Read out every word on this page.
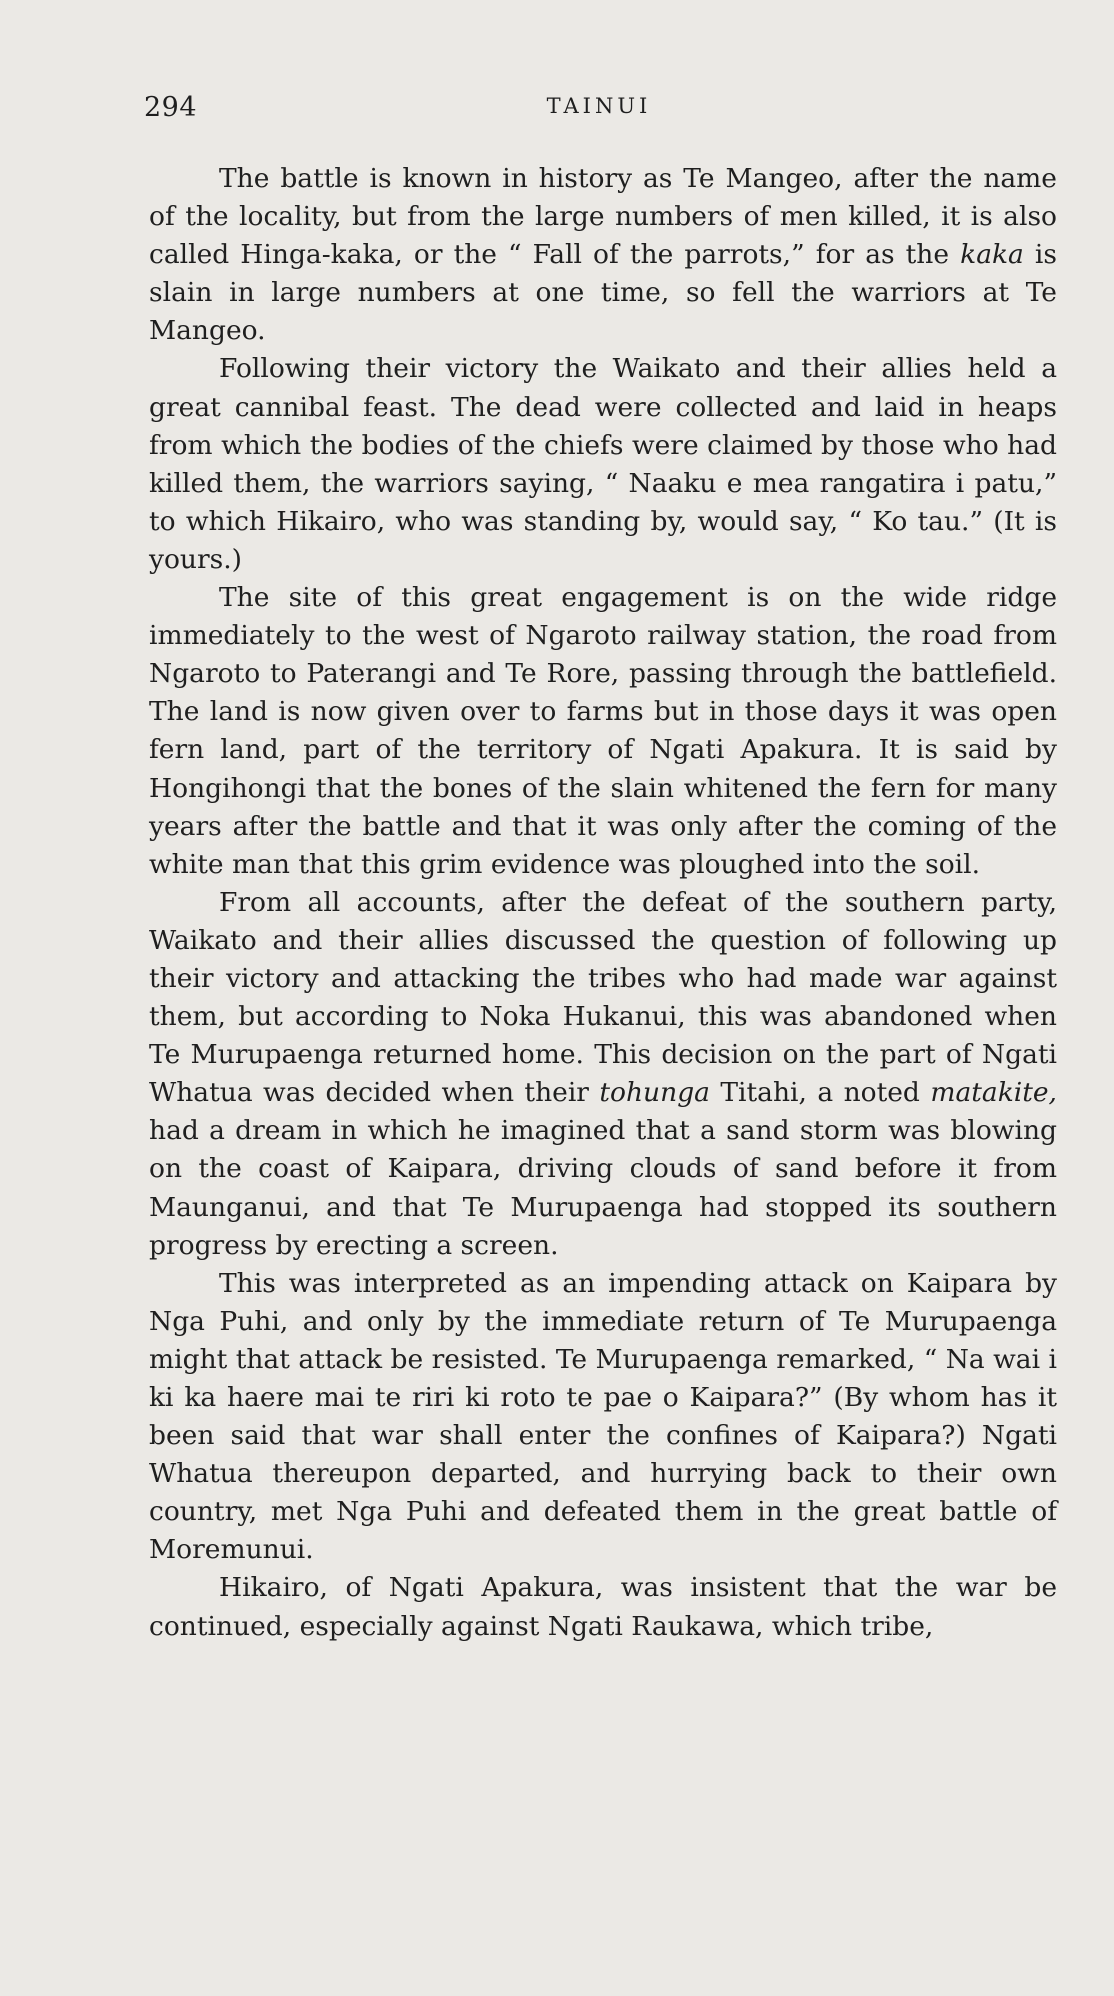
294	TAINUI

The battle is known in history as Te Mangeo, after the name of the locality, but from the large numbers of men killed, it is also called Hinga-kaka, or the “ Fall of the parrots,” for as the kaka is slain in large numbers at one time, so fell the warriors at Te Mangeo.

Following their victory the Waikato and their allies held a great cannibal feast. The dead were collected and laid in heaps from which the bodies of the chiefs were claimed by those who had killed them, the warriors saying, “ Naaku e mea rangatira i patu,” to which Hikairo, who was standing by, would say, “ Ko tau.” (It is yours.)

The site of this great engagement is on the wide ridge immediately to the west of Ngaroto railway station, the road from Ngaroto to Paterangi and Te Rore, passing through the battlefield. The land is now given over to farms but in those days it was open fern land, part of the territory of Ngati Apakura. It is said by Hongihongi that the bones of the slain whitened the fern for many years after the battle and that it was only after the coming of the white man that this grim evidence was ploughed into the soil.

From all accounts, after the defeat of the southern party, Waikato and their allies discussed the question of following up their victory and attacking the tribes who had made war against them, but according to Noka Hukanui, this was abandoned when Te Murupaenga returned home. This decision on the part of Ngati Whatua was decided when their tohunga Titahi, a noted matakite, had a dream in which he imagined that a sand storm was blowing on the coast of Kaipara, driving clouds of sand before it from Maunganui, and that Te Murupaenga had stopped its southern progress by erecting a screen.

This was interpreted as an impending attack on Kaipara by Nga Puhi, and only by the immediate return of Te Murupaenga might that attack be resisted. Te Murupaenga remarked, “ Na wai i ki ka haere mai te riri ki roto te pae o Kaipara?” (By whom has it been said that war shall enter the confines of Kaipara?) Ngati Whatua thereupon departed, and hurrying back to their own country, met Nga Puhi and defeated them in the great battle of Moremunui.

Hikairo, of Ngati Apakura, was insistent that the war be continued, especially against Ngati Raukawa, which tribe,
